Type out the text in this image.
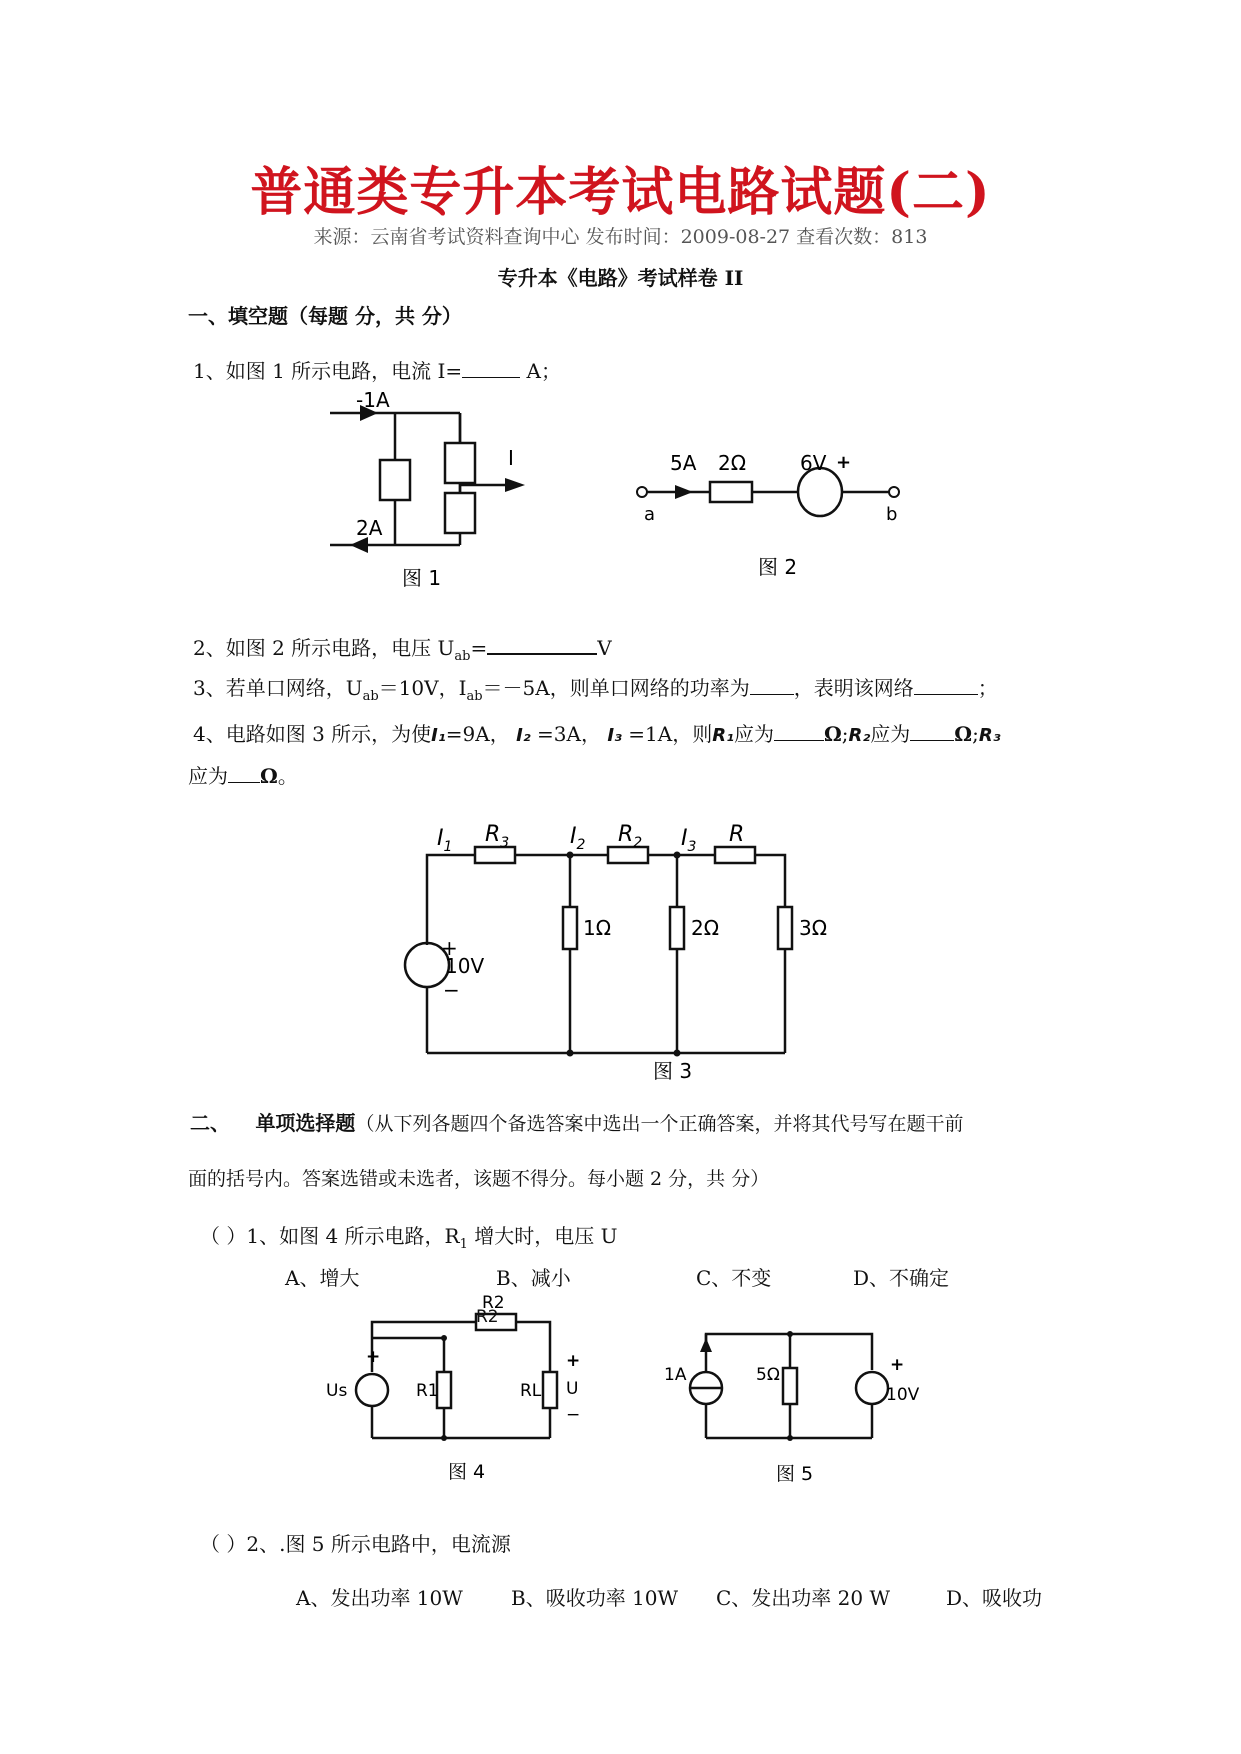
普通类专升本考试电路试题(二)
来源：云南省考试资料查询中心 发布时间：2009-08-27 查看次数：813
专升本《电路》考试样卷 II
一、填空题（每题 分，共 分）
1、如图 1 所示电路，电流 I=	A；
-1A
2A
I
图 1
5A 2Ω	6V +
a	b
图 2
2、如图 2 所示电路，电压 $U_{ab}=$	V
3、若单口网络，$U_{ab}=10V$，$I_{ab}=-5A$，则单口网络的功率为 ，表明该网络	；
4、电路如图 3 所示，为使I₁=9A， I₂ =3A， I₃ =1A，则R₁应为	Ω;R₂应为 Ω;R₃
应为 Ω。
$I_1$	$I_2$	$I_3$
$R_3$	$R_2$	R
+
10V
−
1Ω	2Ω	3Ω
图 3
二、 单项选择题（从下列各题四个备选答案中选出一个正确答案，并将其代号写在题干前
面的括号内。答案选错或未选者，该题不得分。每小题 2 分，共 分）
（ ）1、如图 4 所示电路，$R_1$ 增大时，电压 U
A、增大	B、减小	C、不变	D、不确定
+
Us	R1
R2
RL
+
U
−
图 4
R2
1A	5Ω	+
10V
图 5
（ ）2、.图 5 所示电路中，电流源
A、发出功率 10W B、吸收功率 10W C、发出功率 20 W	D、吸收功
